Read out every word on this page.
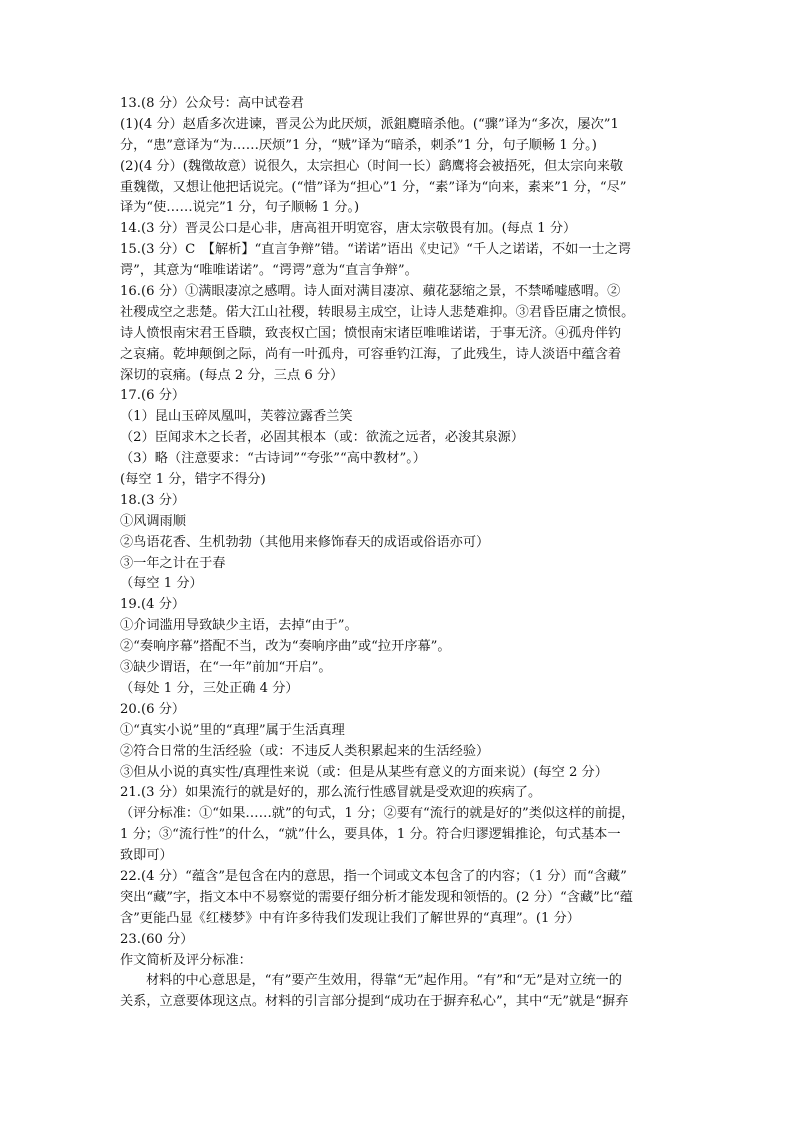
13.(8 分）公众号：高中试卷君
(1)(4 分）赵盾多次进谏，晋灵公为此厌烦，派鉏麑暗杀他。(“骤”译为“多次，屡次”1
分，“患”意译为“为……厌烦”1 分，“贼”译为“暗杀，刺杀”1 分，句子顺畅 1 分。)
(2)(4 分）(魏徵故意）说很久，太宗担心（时间一长）鹞鹰将会被捂死，但太宗向来敬
重魏徵，又想让他把话说完。(“惜”译为“担心”1 分，“素”译为“向来，素来”1 分，“尽”
译为“使……说完”1 分，句子顺畅 1 分。)
14.(3 分）晋灵公口是心非，唐高祖开明宽容，唐太宗敬畏有加。(每点 1 分）
15.(3 分）C　【解析】“直言争辩”错。“诺诺”语出《史记》“千人之诺诺，不如一士之谔
谔”，其意为“唯唯诺诺”。“谔谔”意为“直言争辩”。
16.(6 分）①满眼凄凉之感喟。诗人面对满目凄凉、蘋花瑟缩之景，不禁唏嘘感喟。②
社稷成空之悲楚。偌大江山社稷，转眼易主成空，让诗人悲楚难抑。③君昏臣庸之愤恨。
诗人愤恨南宋君王昏聩，致丧权亡国；愤恨南宋诸臣唯唯诺诺，于事无济。④孤舟伴钓
之哀痛。乾坤颠倒之际，尚有一叶孤舟，可容垂钓江海，了此残生，诗人淡语中蕴含着
深切的哀痛。(每点 2 分，三点 6 分）
17.(6 分）
（1）昆山玉碎凤凰叫，芙蓉泣露香兰笑
（2）臣闻求木之长者，必固其根本（或：欲流之远者，必浚其泉源）
（3）略（注意要求：“古诗词”“夸张”“高中教材”。）
(每空 1 分，错字不得分)
18.(3 分）
①风调雨顺
②鸟语花香、生机勃勃（其他用来修饰春天的成语或俗语亦可）
③一年之计在于春
（每空 1 分）
19.(4 分）
①介词滥用导致缺少主语，去掉“由于”。
②“奏响序幕”搭配不当，改为“奏响序曲”或“拉开序幕”。
③缺少谓语，在“一年”前加“开启”。
（每处 1 分，三处正确 4 分）
20.(6 分）
①“真实小说”里的“真理”属于生活真理
②符合日常的生活经验（或：不违反人类积累起来的生活经验）
③但从小说的真实性/真理性来说（或：但是从某些有意义的方面来说）(每空 2 分）
21.(3 分）如果流行的就是好的，那么流行性感冒就是受欢迎的疾病了。
（评分标准：①“如果……就”的句式，1 分；②要有“流行的就是好的”类似这样的前提，
1 分；③“流行性”的什么，“就”什么，要具体，1 分。符合归谬逻辑推论，句式基本一
致即可）
22.(4 分）“蕴含”是包含在内的意思，指一个词或文本包含了的内容；（1 分）而“含藏”
突出“藏”字，指文本中不易察觉的需要仔细分析才能发现和领悟的。(2 分）“含藏”比“蕴
含”更能凸显《红楼梦》中有许多待我们发现让我们了解世界的“真理”。(1 分）
23.(60 分）
作文简析及评分标准：
材料的中心意思是，“有”要产生效用，得靠“无”起作用。“有”和“无”是对立统一的
关系，立意要体现这点。材料的引言部分提到“成功在于摒弃私心”，其中“无”就是“摒弃
